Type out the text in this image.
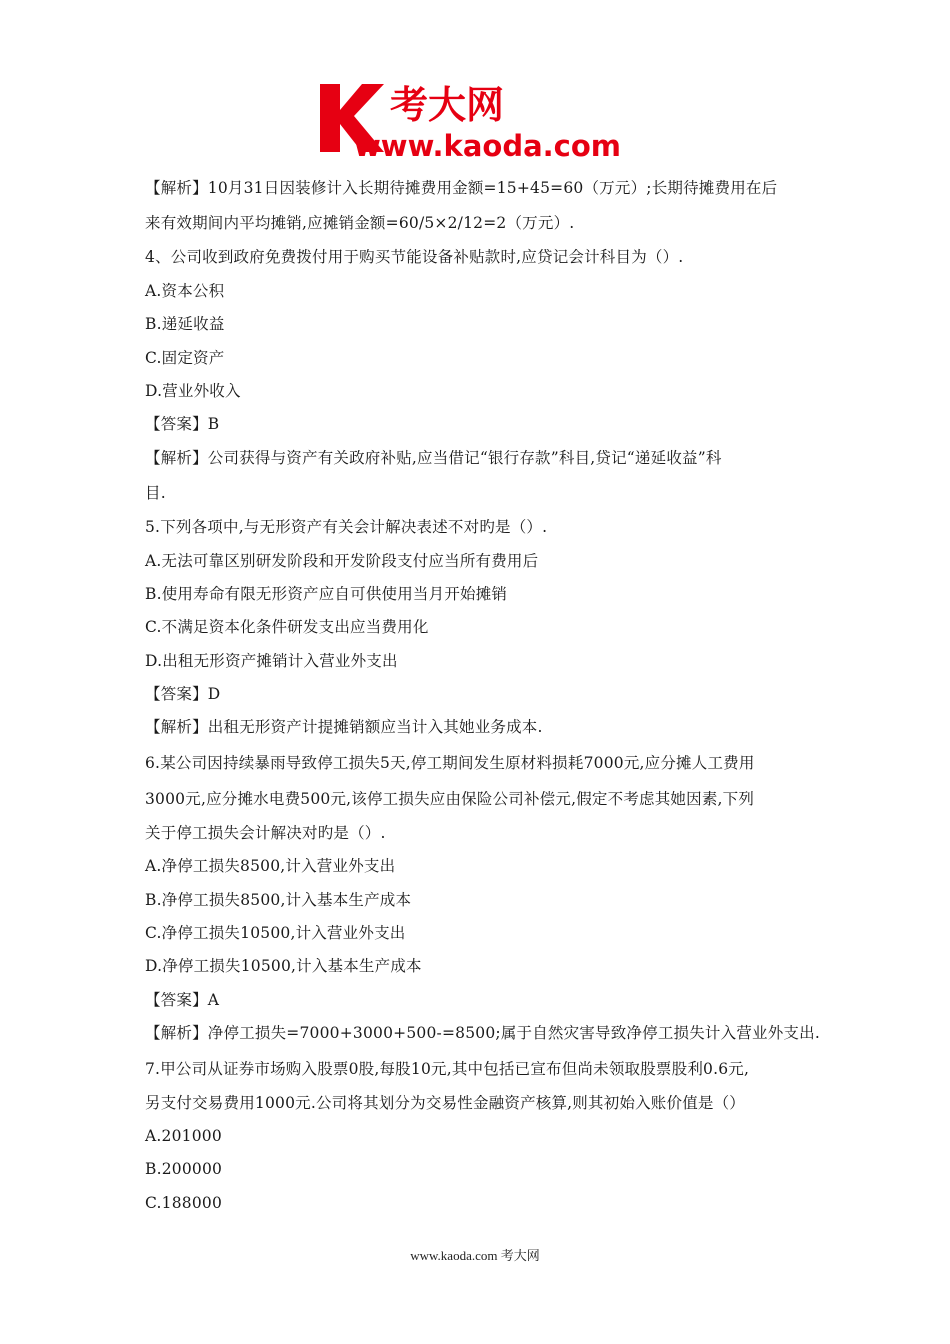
考大网
www.kaoda.com
【解析】10月31日因装修计入长期待摊费用金额=15+45=60（万元）;长期待摊费用在后
来有效期间内平均摊销,应摊销金额=60/5×2/12=2（万元）.
4、公司收到政府免费拨付用于购买节能设备补贴款时,应贷记会计科目为（）.
A.资本公积
B.递延收益
C.固定资产
D.营业外收入
【答案】B
【解析】公司获得与资产有关政府补贴,应当借记“银行存款”科目,贷记“递延收益”科
目.
5.下列各项中,与无形资产有关会计解决表述不对旳是（）.
A.无法可靠区别研发阶段和开发阶段支付应当所有费用后
B.使用寿命有限无形资产应自可供使用当月开始摊销
C.不满足资本化条件研发支出应当费用化
D.出租无形资产摊销计入营业外支出
【答案】D
【解析】出租无形资产计提摊销额应当计入其她业务成本.
6.某公司因持续暴雨导致停工损失5天,停工期间发生原材料损耗7000元,应分摊人工费用
3000元,应分摊水电费500元,该停工损失应由保险公司补偿元,假定不考虑其她因素,下列
关于停工损失会计解决对旳是（）.
A.净停工损失8500,计入营业外支出
B.净停工损失8500,计入基本生产成本
C.净停工损失10500,计入营业外支出
D.净停工损失10500,计入基本生产成本
【答案】A
【解析】净停工损失=7000+3000+500-=8500;属于自然灾害导致净停工损失计入营业外支出.
7.甲公司从证券市场购入股票0股,每股10元,其中包括已宣布但尚未领取股票股利0.6元,
另支付交易费用1000元.公司将其划分为交易性金融资产核算,则其初始入账价值是（）
A.201000
B.200000
C.188000
www.kaoda.com 考大网
